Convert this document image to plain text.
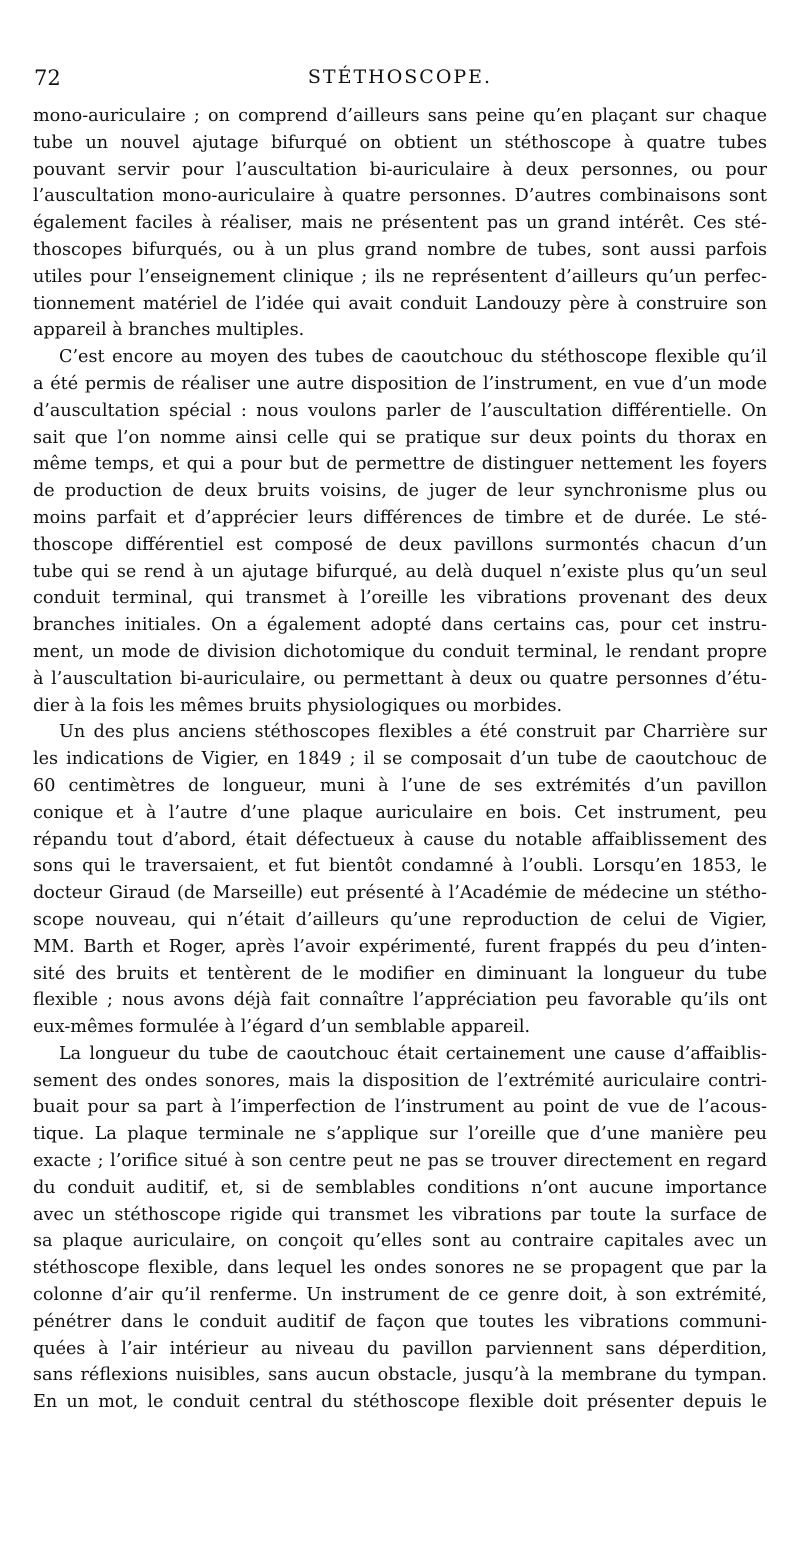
72	STÉTHOSCOPE.
mono-auriculaire ; on comprend d’ailleurs sans peine qu’en plaçant sur chaque
tube un nouvel ajutage bifurqué on obtient un stéthoscope à quatre tubes
pouvant servir pour l’auscultation bi-auriculaire à deux personnes, ou pour
l’auscultation mono-auriculaire à quatre personnes. D’autres combinaisons sont
également faciles à réaliser, mais ne présentent pas un grand intérêt. Ces sté-
thoscopes bifurqués, ou à un plus grand nombre de tubes, sont aussi parfois
utiles pour l’enseignement clinique ; ils ne représentent d’ailleurs qu’un perfec-
tionnement matériel de l’idée qui avait conduit Landouzy père à construire son
appareil à branches multiples.
C’est encore au moyen des tubes de caoutchouc du stéthoscope flexible qu’il
a été permis de réaliser une autre disposition de l’instrument, en vue d’un mode
d’auscultation spécial : nous voulons parler de l’auscultation différentielle. On
sait que l’on nomme ainsi celle qui se pratique sur deux points du thorax en
même temps, et qui a pour but de permettre de distinguer nettement les foyers
de production de deux bruits voisins, de juger de leur synchronisme plus ou
moins parfait et d’apprécier leurs différences de timbre et de durée. Le sté-
thoscope différentiel est composé de deux pavillons surmontés chacun d’un
tube qui se rend à un ajutage bifurqué, au delà duquel n’existe plus qu’un seul
conduit terminal, qui transmet à l’oreille les vibrations provenant des deux
branches initiales. On a également adopté dans certains cas, pour cet instru-
ment, un mode de division dichotomique du conduit terminal, le rendant propre
à l’auscultation bi-auriculaire, ou permettant à deux ou quatre personnes d’étu-
dier à la fois les mêmes bruits physiologiques ou morbides.
Un des plus anciens stéthoscopes flexibles a été construit par Charrière sur
les indications de Vigier, en 1849 ; il se composait d’un tube de caoutchouc de
60 centimètres de longueur, muni à l’une de ses extrémités d’un pavillon
conique et à l’autre d’une plaque auriculaire en bois. Cet instrument, peu
répandu tout d’abord, était défectueux à cause du notable affaiblissement des
sons qui le traversaient, et fut bientôt condamné à l’oubli. Lorsqu’en 1853, le
docteur Giraud (de Marseille) eut présenté à l’Académie de médecine un stétho-
scope nouveau, qui n’était d’ailleurs qu’une reproduction de celui de Vigier,
MM. Barth et Roger, après l’avoir expérimenté, furent frappés du peu d’inten-
sité des bruits et tentèrent de le modifier en diminuant la longueur du tube
flexible ; nous avons déjà fait connaître l’appréciation peu favorable qu’ils ont
eux-mêmes formulée à l’égard d’un semblable appareil.
La longueur du tube de caoutchouc était certainement une cause d’affaiblis-
sement des ondes sonores, mais la disposition de l’extrémité auriculaire contri-
buait pour sa part à l’imperfection de l’instrument au point de vue de l’acous-
tique. La plaque terminale ne s’applique sur l’oreille que d’une manière peu
exacte ; l’orifice situé à son centre peut ne pas se trouver directement en regard
du conduit auditif, et, si de semblables conditions n’ont aucune importance
avec un stéthoscope rigide qui transmet les vibrations par toute la surface de
sa plaque auriculaire, on conçoit qu’elles sont au contraire capitales avec un
stéthoscope flexible, dans lequel les ondes sonores ne se propagent que par la
colonne d’air qu’il renferme. Un instrument de ce genre doit, à son extrémité,
pénétrer dans le conduit auditif de façon que toutes les vibrations communi-
quées à l’air intérieur au niveau du pavillon parviennent sans déperdition,
sans réflexions nuisibles, sans aucun obstacle, jusqu’à la membrane du tympan.
En un mot, le conduit central du stéthoscope flexible doit présenter depuis le
